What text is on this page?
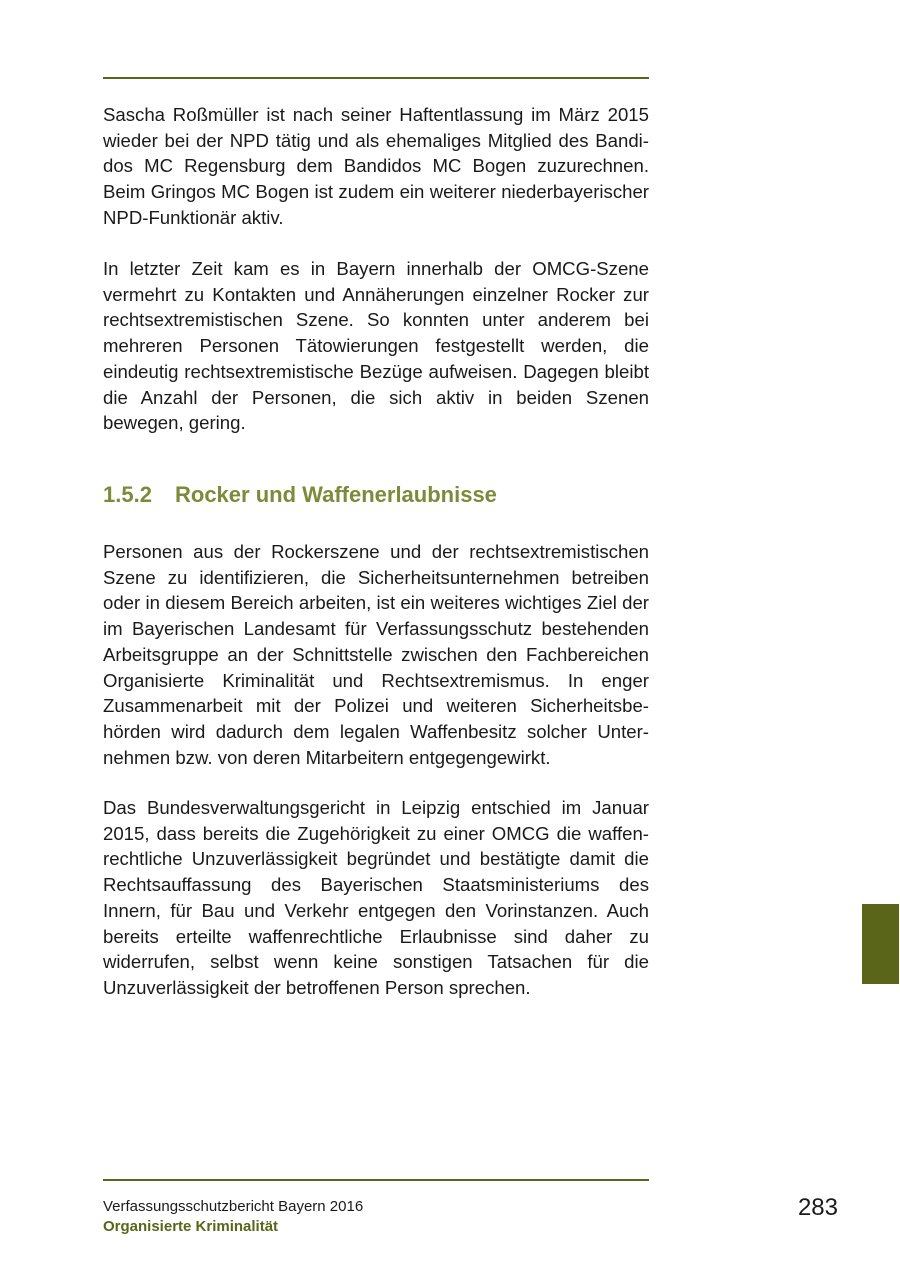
Sascha Roßmüller ist nach seiner Haftentlassung im März 2015 wieder bei der NPD tätig und als ehemaliges Mitglied des Bandidos MC Regensburg dem Bandidos MC Bogen zuzurechnen. Beim Gringos MC Bogen ist zudem ein weiterer niederbayerischer NPD-Funktionär aktiv.

In letzter Zeit kam es in Bayern innerhalb der OMCG-Szene vermehrt zu Kontakten und Annäherungen einzelner Rocker zur rechtsextremistischen Szene. So konnten unter anderem bei mehreren Personen Tätowierungen festgestellt werden, die eindeutig rechtsextremistische Bezüge aufweisen. Dagegen bleibt die Anzahl der Personen, die sich aktiv in beiden Szenen bewegen, gering.

1.5.2 Rocker und Waffenerlaubnisse

Personen aus der Rockerszene und der rechtsextremistischen Szene zu identifizieren, die Sicherheitsunternehmen betreiben oder in diesem Bereich arbeiten, ist ein weiteres wichtiges Ziel der im Bayerischen Landesamt für Verfassungsschutz bestehenden Arbeitsgruppe an der Schnittstelle zwischen den Fachbereichen Organisierte Kriminalität und Rechtsextremismus. In enger Zusammenarbeit mit der Polizei und weiteren Sicherheitsbehörden wird dadurch dem legalen Waffenbesitz solcher Unternehmen bzw. von deren Mitarbeitern entgegengewirkt.

Das Bundesverwaltungsgericht in Leipzig entschied im Januar 2015, dass bereits die Zugehörigkeit zu einer OMCG die waffenrechtliche Unzuverlässigkeit begründet und bestätigte damit die Rechtsauffassung des Bayerischen Staatsministeriums des Innern, für Bau und Verkehr entgegen den Vorinstanzen. Auch bereits erteilte waffenrechtliche Erlaubnisse sind daher zu widerrufen, selbst wenn keine sonstigen Tatsachen für die Unzuverlässigkeit der betroffenen Person sprechen.

Verfassungsschutzbericht Bayern 2016
Organisierte Kriminalität
283
